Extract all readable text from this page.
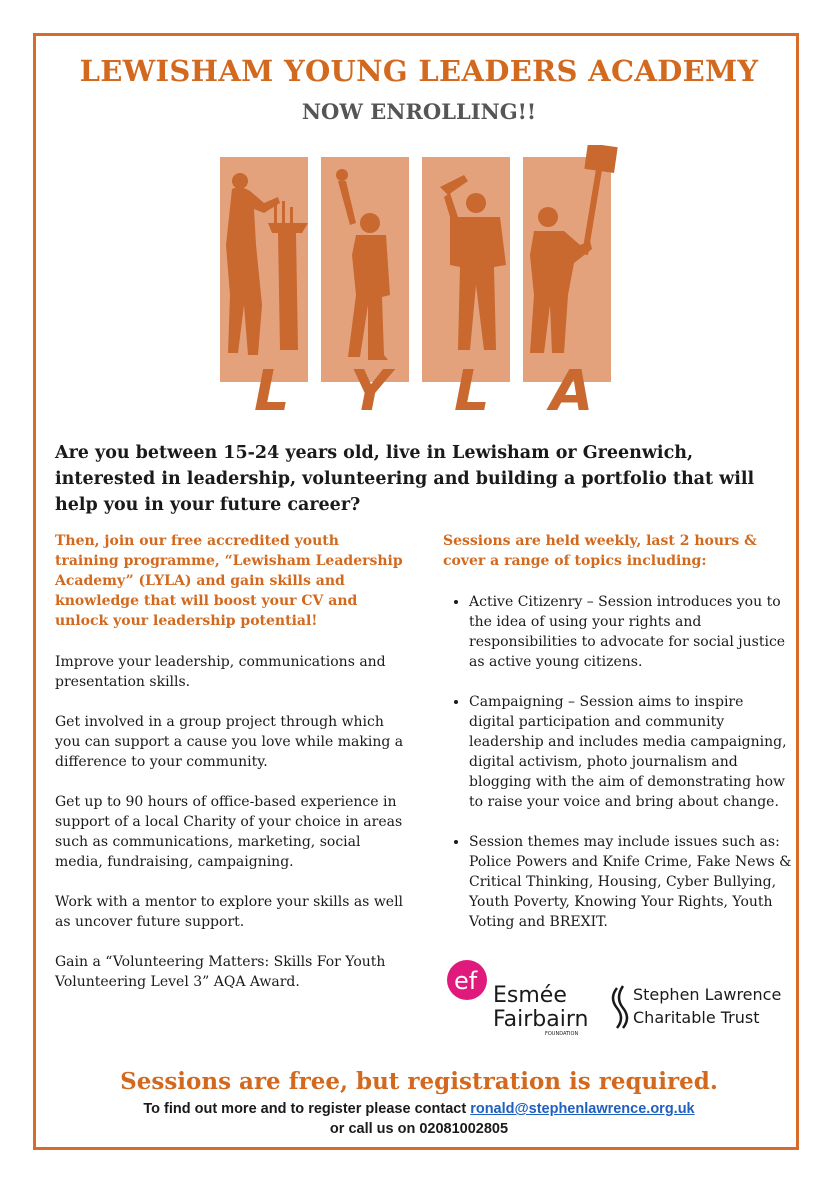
LEWISHAM YOUNG LEADERS ACADEMY
NOW ENROLLING!!
L Y L A
Are you between 15-24 years old, live in Lewisham or Greenwich, interested in leadership, volunteering and building a portfolio that will help you in your future career?

Then, join our free accredited youth training programme, “Lewisham Leadership Academy” (LYLA) and gain skills and knowledge that will boost your CV and unlock your leadership potential!

Improve your leadership, communications and presentation skills.

Get involved in a group project through which you can support a cause you love while making a difference to your community.

Get up to 90 hours of office-based experience in support of a local Charity of your choice in areas such as communications, marketing, social media, fundraising, campaigning.

Work with a mentor to explore your skills as well as uncover future support.

Gain a “Volunteering Matters: Skills For Youth Volunteering Level 3” AQA Award.

Sessions are held weekly, last 2 hours & cover a range of topics including:

• Active Citizenry – Session introduces you to the idea of using your rights and responsibilities to advocate for social justice as active young citizens.
• Campaigning – Session aims to inspire digital participation and community leadership and includes media campaigning, digital activism, photo journalism and blogging with the aim of demonstrating how to raise your voice and bring about change.
• Session themes may include issues such as: Police Powers and Knife Crime, Fake News & Critical Thinking, Housing, Cyber Bullying, Youth Poverty, Knowing Your Rights, Youth Voting and BREXIT.
ef
Esmée
Fairbairn
FOUNDATION
Stephen Lawrence
Charitable Trust
Sessions are free, but registration is required.
To find out more and to register please contact ronald@stephenlawrence.org.uk
or call us on 02081002805
